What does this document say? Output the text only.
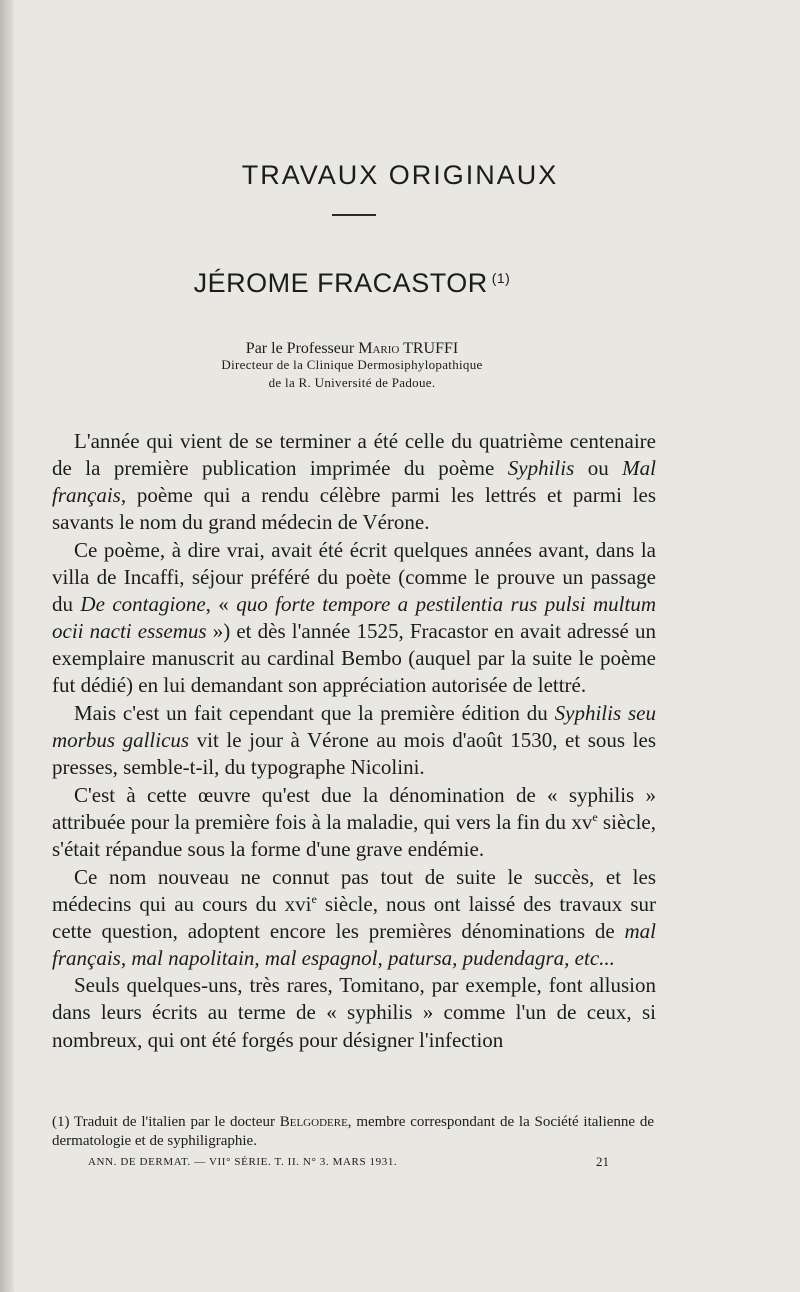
TRAVAUX ORIGINAUX
JÉROME FRACASTOR $^{(1)}$
Par le Professeur Mario TRUFFI
Directeur de la Clinique Dermosiphylopathique
de la R. Université de Padoue.

L'année qui vient de se terminer a été celle du quatrième centenaire de la première publication imprimée du poème Syphilis ou Mal français, poème qui a rendu célèbre parmi les lettrés et parmi les savants le nom du grand médecin de Vérone.

Ce poème, à dire vrai, avait été écrit quelques années avant, dans la villa de Incaffi, séjour préféré du poète (comme le prouve un passage du De contagione, « quo forte tempore a pestilentia rus pulsi multum ocii nacti essemus ») et dès l'année 1525, Fracastor en avait adressé un exemplaire manuscrit au cardinal Bembo (auquel par la suite le poème fut dédié) en lui demandant son appréciation autorisée de lettré.

Mais c'est un fait cependant que la première édition du Syphilis seu morbus gallicus vit le jour à Vérone au mois d'août 1530, et sous les presses, semble-t-il, du typographe Nicolini.

C'est à cette œuvre qu'est due la dénomination de « syphilis » attribuée pour la première fois à la maladie, qui vers la fin du $xv^e$ siècle, s'était répandue sous la forme d'une grave endémie.

Ce nom nouveau ne connut pas tout de suite le succès, et les médecins qui au cours du xvi$^e$ siècle, nous ont laissé des travaux sur cette question, adoptent encore les premières dénominations de mal français, mal napolitain, mal espagnol, patursa, pudendagra, etc...

Seuls quelques-uns, très rares, Tomitano, par exemple, font allusion dans leurs écrits au terme de « syphilis » comme l'un de ceux, si nombreux, qui ont été forgés pour désigner l'infection

(1) Traduit de l'italien par le docteur Belgodere, membre correspondant de la Société italienne de dermatologie et de syphiligraphie.
ANN. DE DERMAT. — VII° SÉRIE. T. II. N° 3. MARS 1931.	21
